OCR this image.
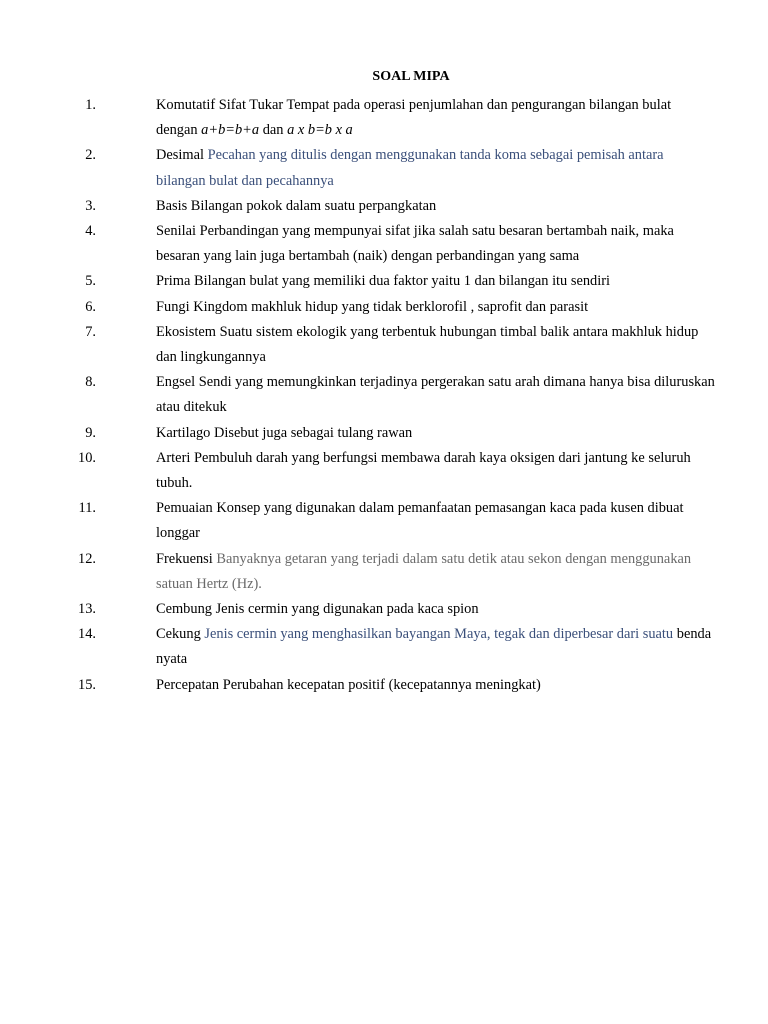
SOAL MIPA
1.	Komutatif Sifat Tukar Tempat pada operasi penjumlahan dan pengurangan bilangan bulat dengan a+b=b+a dan a x b=b x a
2.	Desimal Pecahan yang ditulis dengan menggunakan tanda koma sebagai pemisah antara bilangan bulat dan pecahannya
3.	Basis Bilangan pokok dalam suatu perpangkatan
4.	Senilai Perbandingan yang mempunyai sifat jika salah satu besaran bertambah naik, maka besaran yang lain juga bertambah (naik) dengan perbandingan yang sama
5.	Prima Bilangan bulat yang memiliki dua faktor yaitu 1 dan bilangan itu sendiri
6.	Fungi Kingdom makhluk hidup yang tidak berklorofil , saprofit dan parasit
7.	Ekosistem Suatu sistem ekologik yang terbentuk hubungan timbal balik antara makhluk hidup dan lingkungannya
8.	Engsel Sendi yang memungkinkan terjadinya pergerakan satu arah dimana hanya bisa diluruskan atau ditekuk
9.	Kartilago Disebut juga sebagai tulang rawan
10.	Arteri Pembuluh darah yang berfungsi membawa darah kaya oksigen dari jantung ke seluruh tubuh.
11.	Pemuaian Konsep yang digunakan dalam pemanfaatan pemasangan kaca pada kusen dibuat longgar
12.	Frekuensi Banyaknya getaran yang terjadi dalam satu detik atau sekon dengan menggunakan satuan Hertz (Hz).
13.	Cembung Jenis cermin yang digunakan pada kaca spion
14.	Cekung Jenis cermin yang menghasilkan bayangan Maya, tegak dan diperbesar dari suatu benda nyata
15.	Percepatan Perubahan kecepatan positif (kecepatannya meningkat)
